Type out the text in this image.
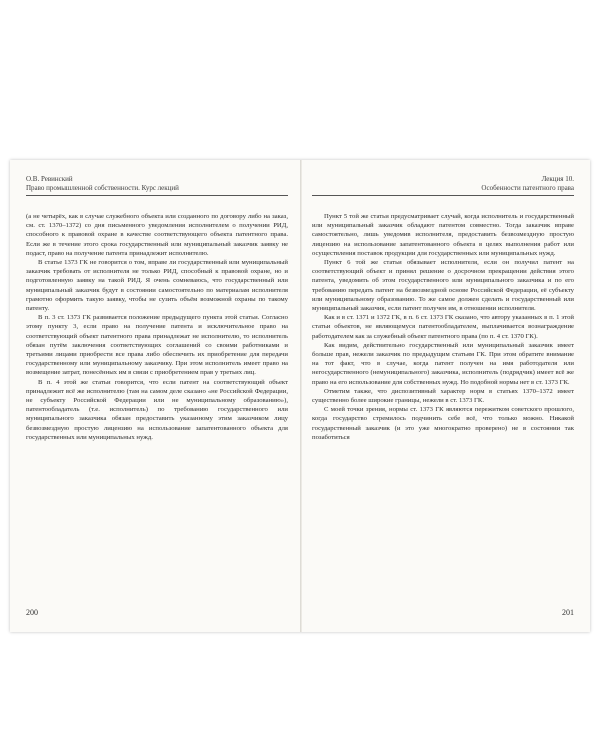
О.В. Ревинский
Право промышленной собственности. Курс лекций

(а не четырёх, как в случае служебного объекта или созданного по договору либо на заказ, см. ст. 1370–1372) со дня письменного уведомления исполнителем о получении РИД, способного к правовой охране в качестве соответствующего объекта патентного права. Если же в течение этого срока государственный или муниципальный заказчик заявку не подаст, право на получение патента принадлежит исполнителю.

В статье 1373 ГК не говорится о том, вправе ли государственный или муниципальный заказчик требовать от исполнителя не только РИД, способный к правовой охране, но и подготовленную заявку на такой РИД. Я очень сомневаюсь, что государственный или муниципальный заказчик будут в состоянии самостоятельно по материалам исполнителя грамотно оформить такую заявку, чтобы не сузить объём возможной охраны по такому патенту.

В п. 3 ст. 1373 ГК развивается положение предыдущего пункта этой статьи. Согласно этому пункту 3, если право на получение патента и исключительное право на соответствующий объект патентного права принадлежат не исполнителю, то исполнитель обязан путём заключения соответствующих соглашений со своими работниками и третьими лицами приобрести все права либо обеспечить их приобретение для передачи государственному или муниципальному заказчику. При этом исполнитель имеет право на возмещение затрат, понесённых им в связи с приобретением прав у третьих лиц.

В п. 4 этой же статьи говорится, что если патент на соответствующий объект принадлежит всё же исполнителю (там на самом деле сказано «не Российской Федерации, не субъекту Российской Федерации или не муниципальному образованию»), патентообладатель (т.е. исполнитель) по требованию государственного или муниципального заказчика обязан предоставить указанному этим заказчиком лицу безвозмездную простую лицензию на использование запатентованного объекта для государственных или муниципальных нужд.

200
Лекция 10.
Особенности патентного права

Пункт 5 той же статьи предусматривает случай, когда исполнитель и государственный или муниципальный заказчик обладают патентом совместно. Тогда заказчик вправе самостоятельно, лишь уведомив исполнителя, предоставить безвозмездную простую лицензию на использование запатентованного объекта в целях выполнения работ или осуществления поставок продукции для государственных или муниципальных нужд.

Пункт 6 той же статьи обязывает исполнителя, если он получил патент на соответствующий объект и принял решение о досрочном прекращении действия этого патента, уведомить об этом государственного или муниципального заказчика и по его требованию передать патент на безвозмездной основе Российской Федерации, её субъекту или муниципальному образованию. То же самое должен сделать и государственный или муниципальный заказчик, если патент получен им, в отношении исполнителя.

Как и в ст. 1371 и 1372 ГК, в п. 6 ст. 1373 ГК сказано, что автору указанных в п. 1 этой статьи объектов, не являющемуся патентообладателем, выплачивается вознаграждение работодателем как за служебный объект патентного права (по п. 4 ст. 1370 ГК).

Как видим, действительно государственный или муниципальный заказчик имеет больше прав, нежели заказчик по предыдущим статьям ГК. При этом обратите внимание на тот факт, что в случае, когда патент получен на имя работодателя или негосударственного (немуниципального) заказчика, исполнитель (подрядчик) имеет всё же право на его использование для собственных нужд. Но подобной нормы нет в ст. 1373 ГК.

Отметим также, что диспозитивный характер норм в статьях 1370–1372 имеет существенно более широкие границы, нежели в ст. 1373 ГК.

С моей точки зрения, нормы ст. 1373 ГК являются пережитком советского прошлого, когда государство стремилось подчинить себе всё, что только можно. Никакой государственный заказчик (и это уже многократно проверено) не в состоянии так позаботиться

201
